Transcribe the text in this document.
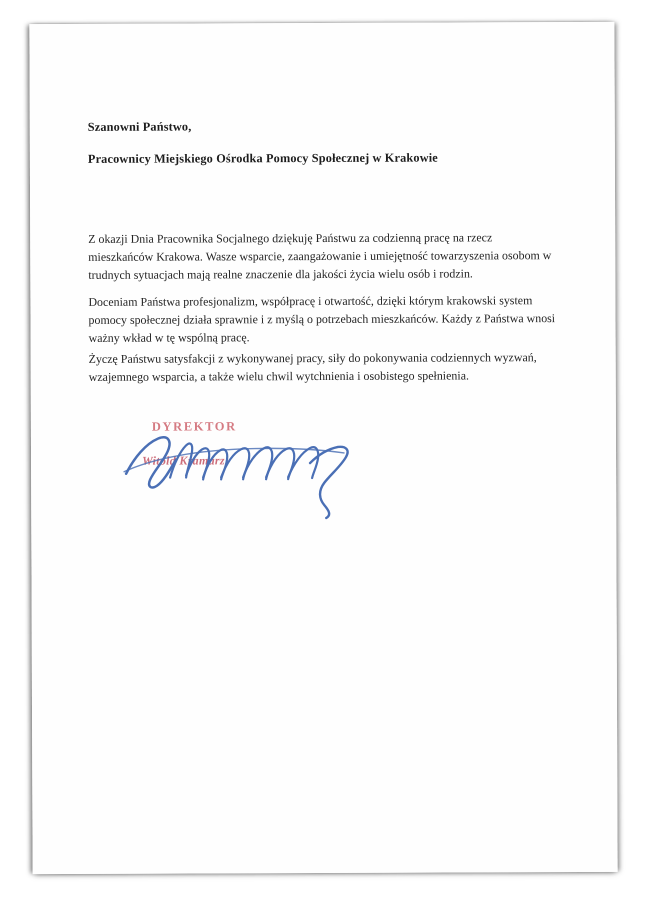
Szanowni Państwo,
Pracownicy Miejskiego Ośrodka Pomocy Społecznej w Krakowie
Z okazji Dnia Pracownika Socjalnego dziękuję Państwu za codzienną pracę na rzecz mieszkańców Krakowa. Wasze wsparcie, zaangażowanie i umiejętność towarzyszenia osobom w trudnych sytuacjach mają realne znaczenie dla jakości życia wielu osób i rodzin.
Doceniam Państwa profesjonalizm, współpracę i otwartość, dzięki którym krakowski system pomocy społecznej działa sprawnie i z myślą o potrzebach mieszkańców. Każdy z Państwa wnosi ważny wkład w tę wspólną pracę.
Życzę Państwu satysfakcji z wykonywanej pracy, siły do pokonywania codziennych wyzwań, wzajemnego wsparcia, a także wielu chwil wytchnienia i osobistego spełnienia.
DYREKTOR
Witold Kramarz
